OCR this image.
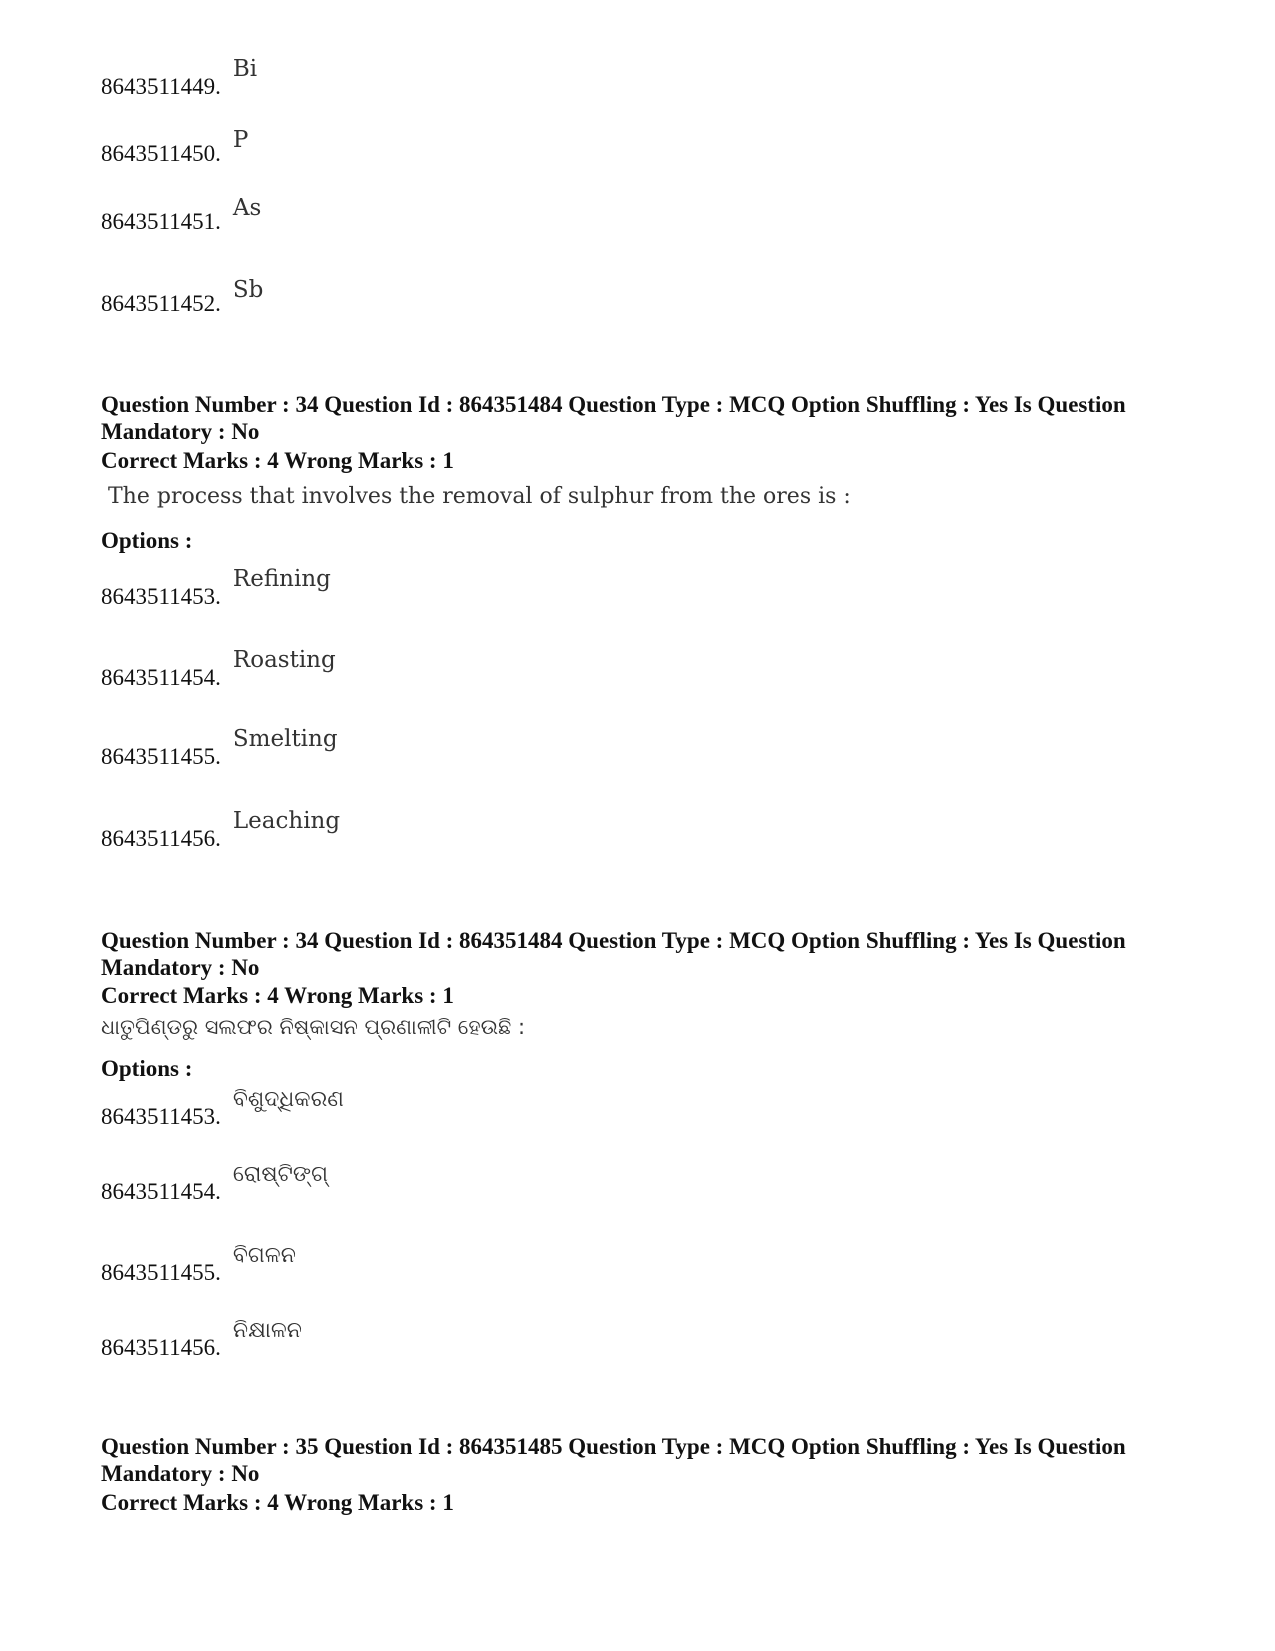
8643511449.Bi
8643511450.P
8643511451.As
8643511452.Sb
Question Number : 34 Question Id : 864351484 Question Type : MCQ Option Shuffling : Yes Is Question Mandatory : No
Correct Marks : 4 Wrong Marks : 1
The process that involves the removal of sulphur from the ores is :
Options :
8643511453.Refining
8643511454.Roasting
8643511455.Smelting
8643511456.Leaching
Question Number : 34 Question Id : 864351484 Question Type : MCQ Option Shuffling : Yes Is Question Mandatory : No
Correct Marks : 4 Wrong Marks : 1
ଧାତୁପିଣ୍ଡରୁ ସଲଫର ନିଷ୍କାସନ ପ୍ରଣାଳୀଟି ହେଉଛି :
Options :
8643511453.ବିଶୁଦ୍ଧିକରଣ
8643511454.ରୋଷ୍ଟିଙ୍ଗ୍
8643511455.ବିଗଳନ
8643511456.ନିକ୍ଷାଳନ
Question Number : 35 Question Id : 864351485 Question Type : MCQ Option Shuffling : Yes Is Question Mandatory : No
Correct Marks : 4 Wrong Marks : 1
